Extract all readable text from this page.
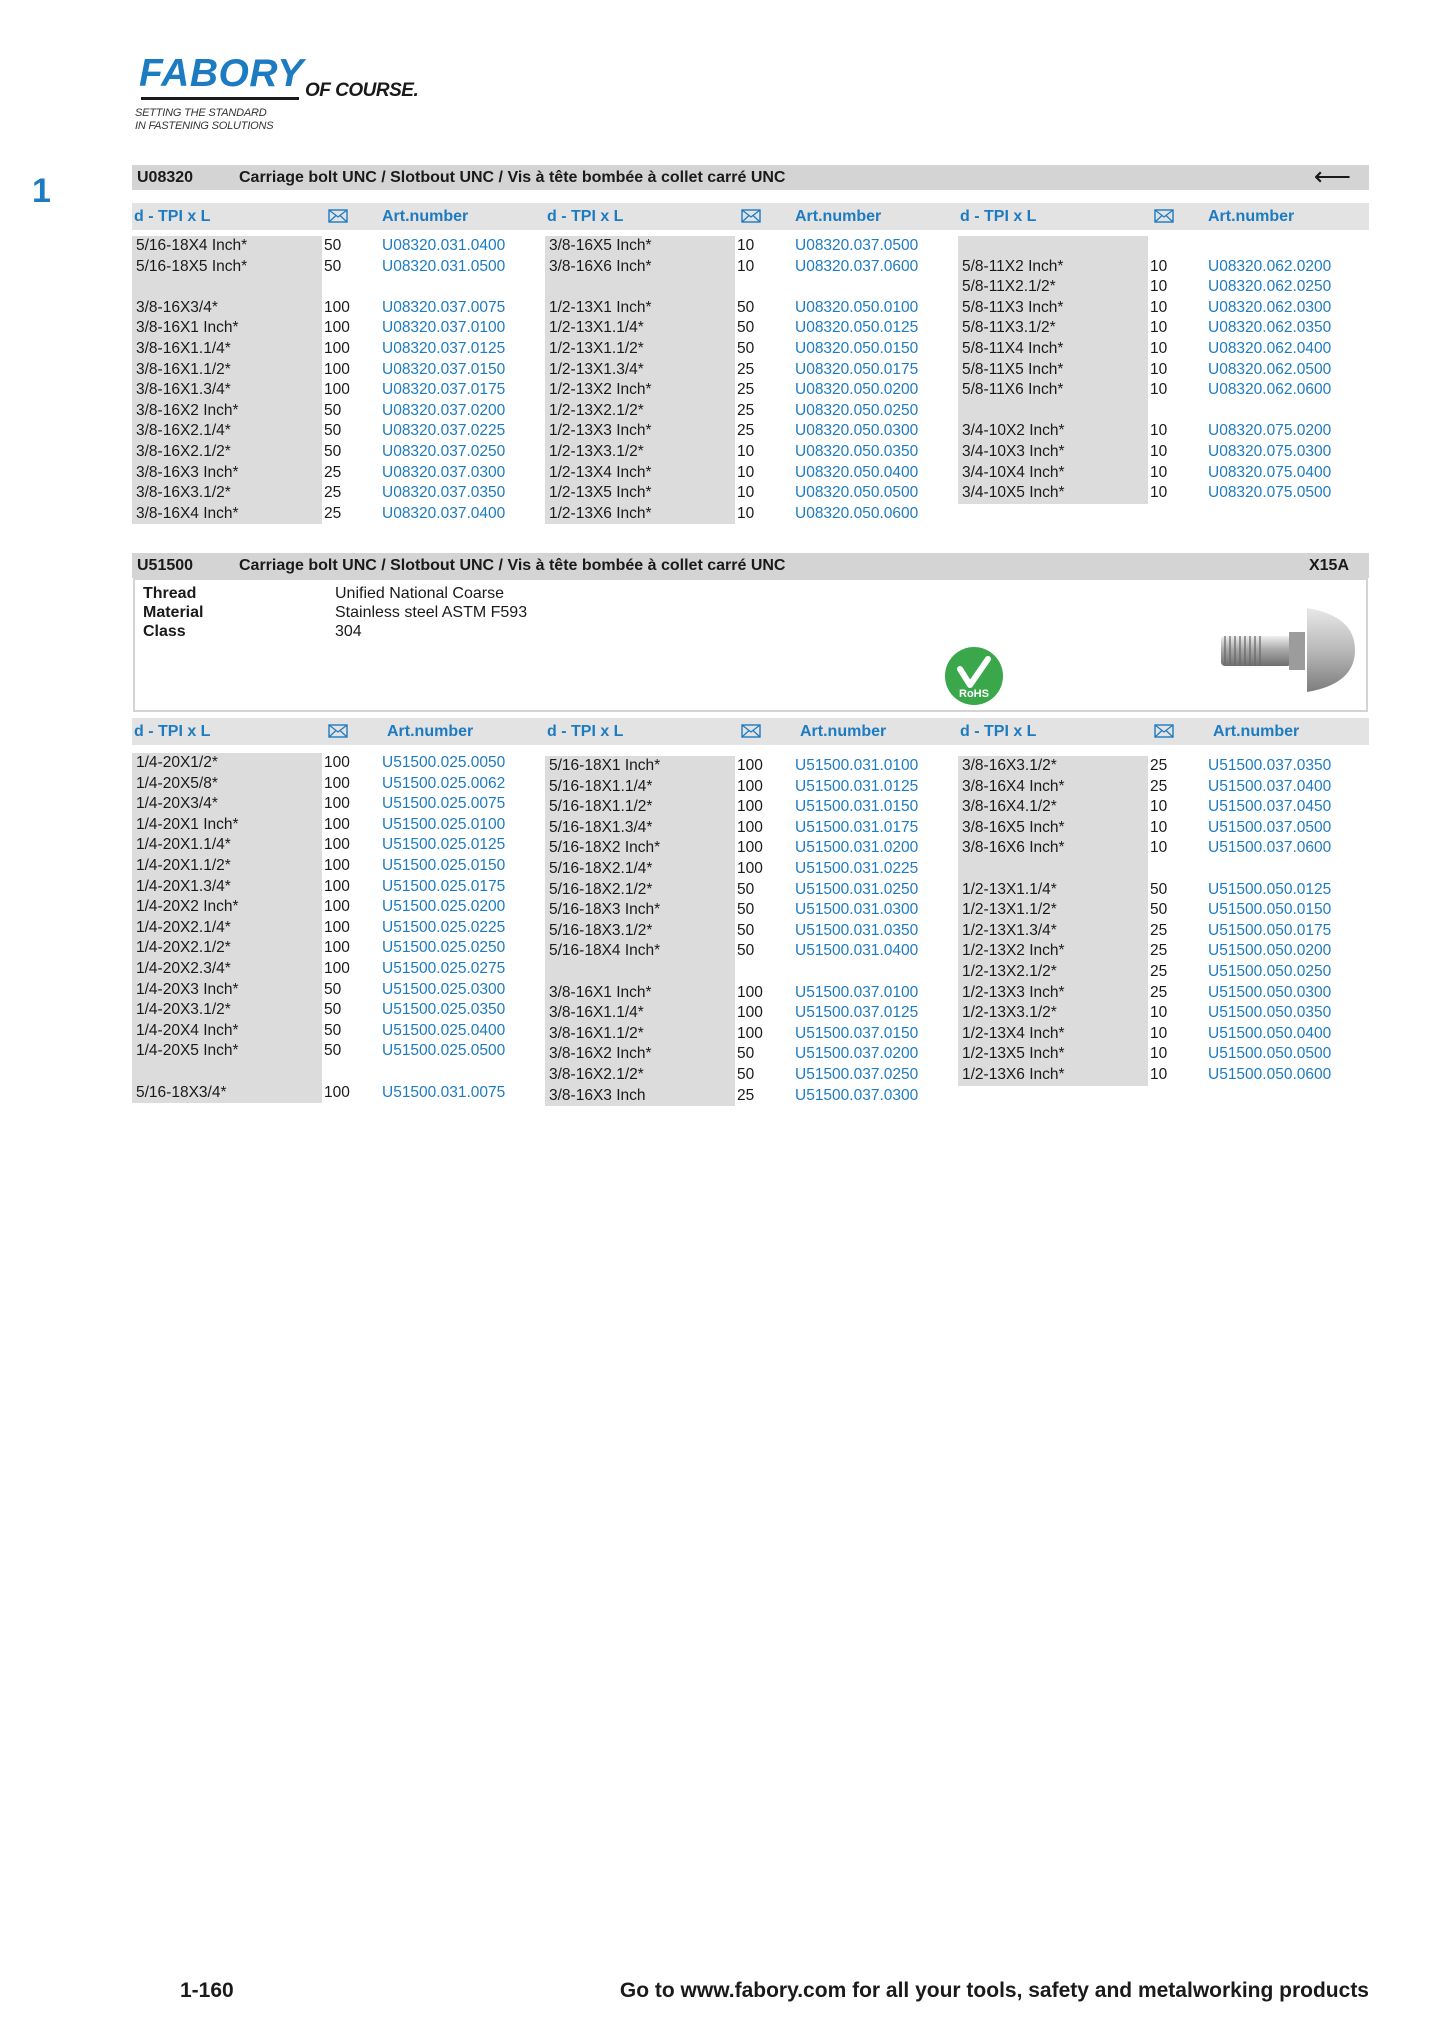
FABORY OF COURSE.
SETTING THE STANDARD
IN FASTENING SOLUTIONS
1	U08320	Carriage bolt UNC / Slotbout UNC / Vis à tête bombée à collet carré UNC	⟵
d - TPI x L	Art.number	d - TPI x L	Art.number	d - TPI x L	Art.number
5/16-18X4 Inch*	50	U08320.031.0400
5/16-18X5 Inch*	50	U08320.031.0500
3/8-16X3/4*	100 U08320.037.0075
3/8-16X1 Inch*	100 U08320.037.0100
3/8-16X1.1/4*	100 U08320.037.0125
3/8-16X1.1/2*	100 U08320.037.0150
3/8-16X1.3/4*	100 U08320.037.0175
3/8-16X2 Inch*	50	U08320.037.0200
3/8-16X2.1/4*	50	U08320.037.0225
3/8-16X2.1/2*	50	U08320.037.0250
3/8-16X3 Inch*	25	U08320.037.0300
3/8-16X3.1/2*	25	U08320.037.0350
3/8-16X4 Inch*	25	U08320.037.0400
3/8-16X5 Inch*	10	U08320.037.0500
3/8-16X6 Inch*	10	U08320.037.0600
1/2-13X1 Inch*	50	U08320.050.0100
1/2-13X1.1/4*	50	U08320.050.0125
1/2-13X1.1/2*	50	U08320.050.0150
1/2-13X1.3/4*	25	U08320.050.0175
1/2-13X2 Inch*	25	U08320.050.0200
1/2-13X2.1/2*	25	U08320.050.0250
1/2-13X3 Inch*	25	U08320.050.0300
1/2-13X3.1/2*	10	U08320.050.0350
1/2-13X4 Inch*	10	U08320.050.0400
1/2-13X5 Inch*	10	U08320.050.0500
1/2-13X6 Inch*	10	U08320.050.0600
5/8-11X2 Inch*	10	U08320.062.0200
5/8-11X2.1/2*	10	U08320.062.0250
5/8-11X3 Inch*	10	U08320.062.0300
5/8-11X3.1/2*	10	U08320.062.0350
5/8-11X4 Inch*	10	U08320.062.0400
5/8-11X5 Inch*	10	U08320.062.0500
5/8-11X6 Inch*	10	U08320.062.0600
3/4-10X2 Inch*	10	U08320.075.0200
3/4-10X3 Inch*	10	U08320.075.0300
3/4-10X4 Inch*	10	U08320.075.0400
3/4-10X5 Inch*	10	U08320.075.0500
U51500	Carriage bolt UNC / Slotbout UNC / Vis à tête bombée à collet carré UNC	X15A
Thread	Unified National Coarse
Material	Stainless steel ASTM F593
Class	304
RoHS
d - TPI x L	Art.number	d - TPI x L	Art.number	d - TPI x L	Art.number
1/4-20X1/2*	100 U51500.025.0050
1/4-20X5/8*	100 U51500.025.0062
1/4-20X3/4*	100 U51500.025.0075
1/4-20X1 Inch*	100 U51500.025.0100
1/4-20X1.1/4*	100 U51500.025.0125
1/4-20X1.1/2*	100 U51500.025.0150
1/4-20X1.3/4*	100 U51500.025.0175
1/4-20X2 Inch*	100 U51500.025.0200
1/4-20X2.1/4*	100 U51500.025.0225
1/4-20X2.1/2*	100 U51500.025.0250
1/4-20X2.3/4*	100 U51500.025.0275
1/4-20X3 Inch*	50	U51500.025.0300
1/4-20X3.1/2*	50	U51500.025.0350
1/4-20X4 Inch*	50	U51500.025.0400
1/4-20X5 Inch*	50	U51500.025.0500
5/16-18X3/4*	100 U51500.031.0075
5/16-18X1 Inch*	100 U51500.031.0100
5/16-18X1.1/4*	100 U51500.031.0125
5/16-18X1.1/2*	100 U51500.031.0150
5/16-18X1.3/4*	100 U51500.031.0175
5/16-18X2 Inch*	100 U51500.031.0200
5/16-18X2.1/4*	100 U51500.031.0225
5/16-18X2.1/2*	50	U51500.031.0250
5/16-18X3 Inch*	50	U51500.031.0300
5/16-18X3.1/2*	50	U51500.031.0350
5/16-18X4 Inch*	50	U51500.031.0400
3/8-16X1 Inch*	100 U51500.037.0100
3/8-16X1.1/4*	100 U51500.037.0125
3/8-16X1.1/2*	100 U51500.037.0150
3/8-16X2 Inch*	50	U51500.037.0200
3/8-16X2.1/2*	50	U51500.037.0250
3/8-16X3 Inch	25	U51500.037.0300
3/8-16X3.1/2*	25	U51500.037.0350
3/8-16X4 Inch*	25	U51500.037.0400
3/8-16X4.1/2*	10	U51500.037.0450
3/8-16X5 Inch*	10	U51500.037.0500
3/8-16X6 Inch*	10	U51500.037.0600
1/2-13X1.1/4*	50	U51500.050.0125
1/2-13X1.1/2*	50	U51500.050.0150
1/2-13X1.3/4*	25	U51500.050.0175
1/2-13X2 Inch*	25	U51500.050.0200
1/2-13X2.1/2*	25	U51500.050.0250
1/2-13X3 Inch*	25	U51500.050.0300
1/2-13X3.1/2*	10	U51500.050.0350
1/2-13X4 Inch*	10	U51500.050.0400
1/2-13X5 Inch*	10	U51500.050.0500
1/2-13X6 Inch*	10	U51500.050.0600
1-160	Go to www.fabory.com for all your tools, safety and metalworking products
